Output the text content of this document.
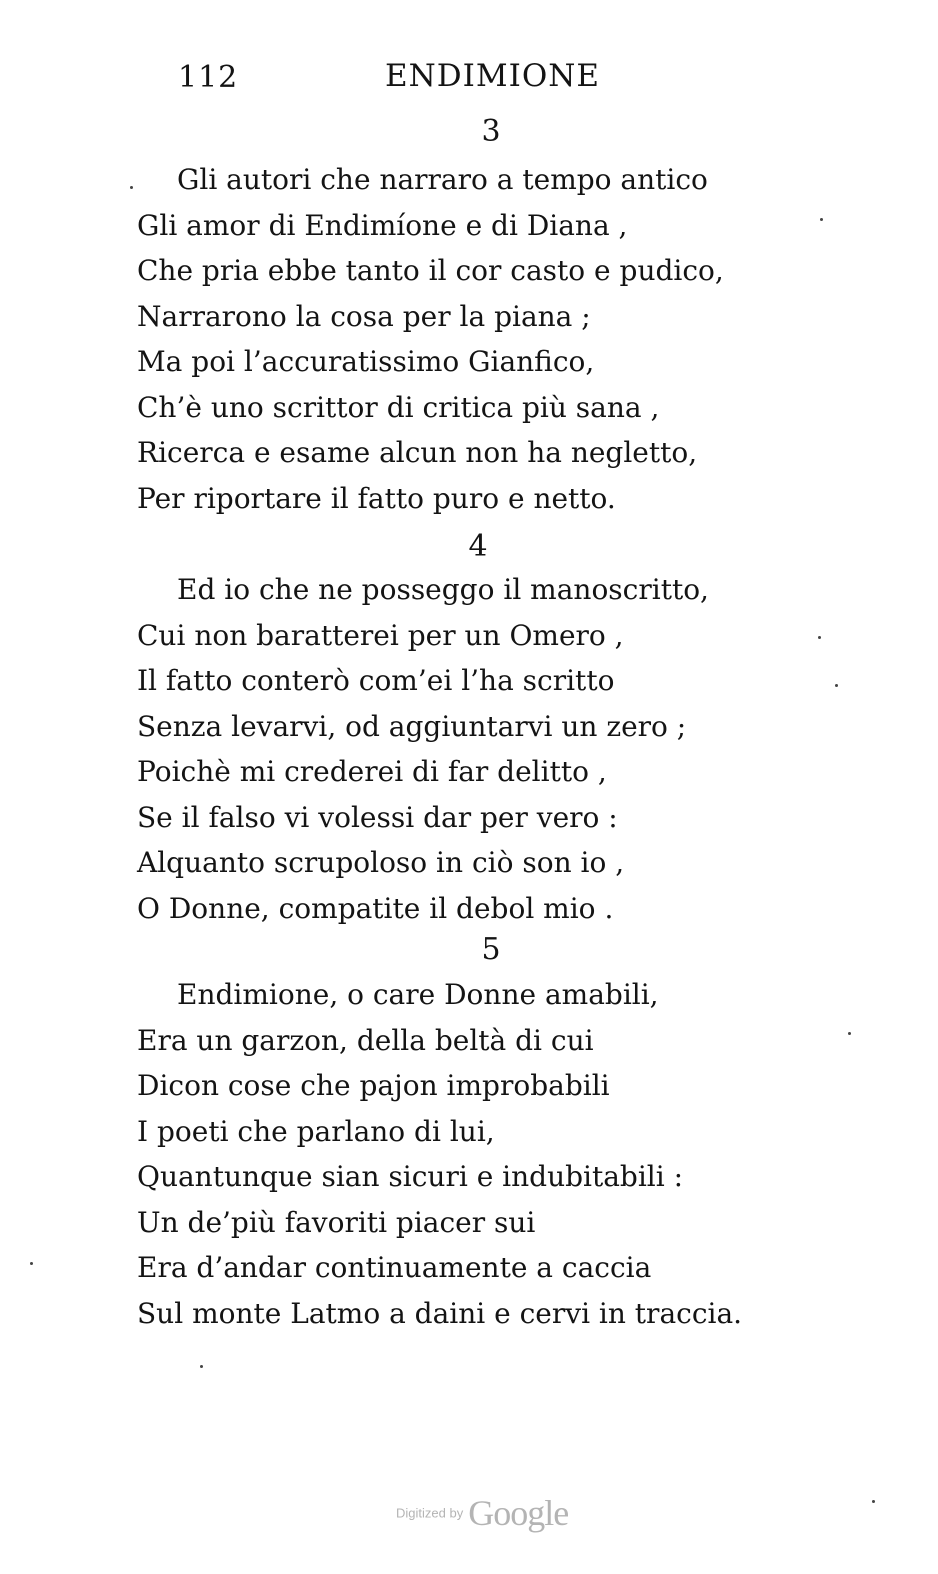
112	ENDIMIONE
3
Gli autori che narraro a tempo antico
Gli amor di Endimíone e di Diana ,
Che pria ebbe tanto il cor casto e pudico,
Narrarono la cosa per la piana ;
Ma poi l’accuratissimo Gianfico,
Ch’è uno scrittor di critica più sana ,
Ricerca e esame alcun non ha negletto,
Per riportare il fatto puro e netto.
4
Ed io che ne posseggo il manoscritto,
Cui non baratterei per un Omero ,
Il fatto conterò com’ei l’ha scritto
Senza levarvi, od aggiuntarvi un zero ;
Poichè mi crederei di far delitto ,
Se il falso vi volessi dar per vero :
Alquanto scrupoloso in ciò son io ,
O Donne, compatite il debol mio .
5
Endimione, o care Donne amabili,
Era un garzon, della beltà di cui
Dicon cose che pajon improbabili
I poeti che parlano di lui,
Quantunque sian sicuri e indubitabili :
Un de’più favoriti piacer sui
Era d’andar continuamente a caccia
Sul monte Latmo a daini e cervi in traccia.
Digitized by Google
